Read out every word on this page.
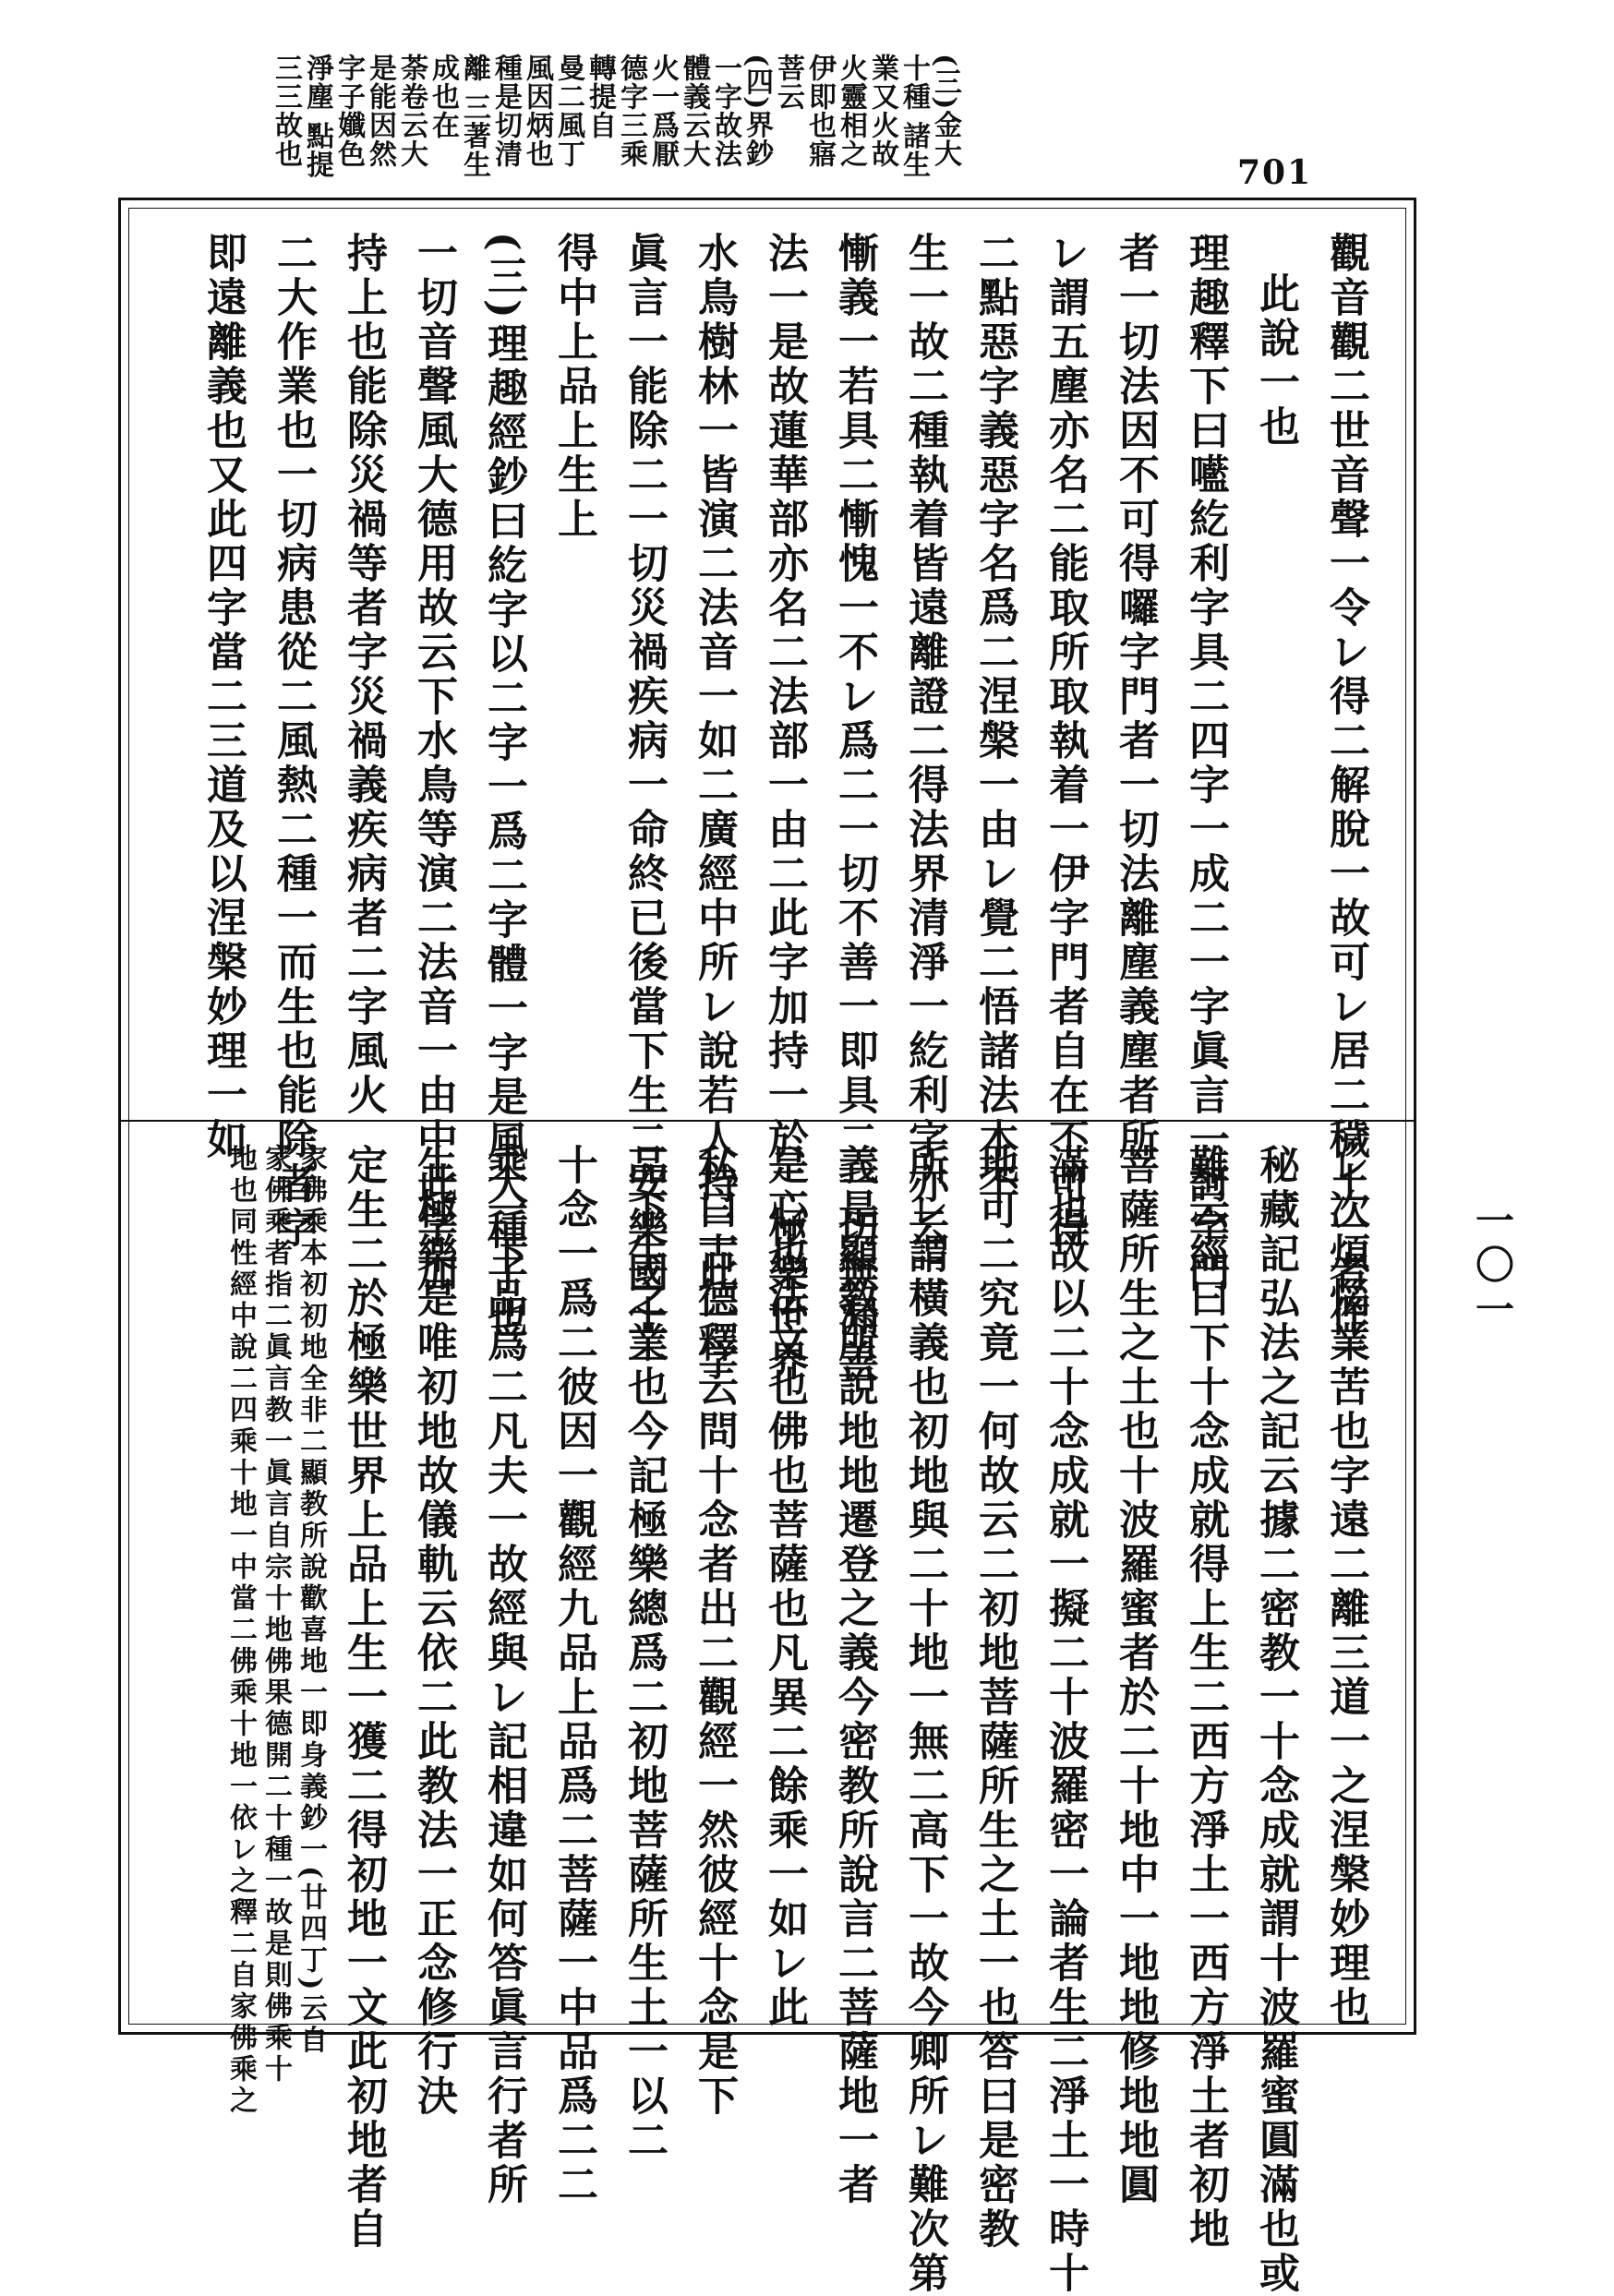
701
(三)金大十種 諸生業又火故火靈相之伊即也寤菩云
(四)界鈔一字故法體義云大火一爲厭德字三乘轉提自
曼二風丁風因炳也種是切清離 三著生成也在
荼卷云大是能因然字子孅色淨塵 點提三三故也
觀音觀二世音聲一令レ得二解脫一故可レ居二穢土一者作二
此說一也
理趣釋下曰㘕紇利字具二四字一成二一字眞言一訶字門
者一切法因不可得囉字門者一切法離塵義塵者所
レ謂五塵亦名二能取所取執着一伊字門者自在不可得
二點惡字義惡字名爲二涅槃一由レ覺二悟諸法本不
生一故二種執着皆遠離證二得法界清淨一紇利字亦云二
慚義一若具二慚愧一不レ爲二一切不善一即具二一切無漏善
法一是故蓮華部亦名二法部一由二此字加持一於二極樂世界
水鳥樹林一皆演二法音一如二廣經中所レ說若人持二此一字
眞言一能除二一切災禍疾病一命終已後當下生二安樂國土一
得中上品上生上
(三)理趣經鈔曰紇字以二字一爲二字體一字是風大種子也
一切音聲風大德用故云下水鳥等演二法音一由中此字加
持上也能除災禍等者字災禍義疾病者二字風火
二大作業也一切病患從二風熱二種一而生也能除者字
即遠離義也又此四字當二三道及以涅槃妙理一如
レ次煩惱業苦也字遠二離三道一之涅槃妙理也
秘藏記弘法之記云據二密教一十念成就謂十波羅蜜圓滿也或
難云經曰下十念成就得上生二西方淨土一西方淨土者初地
菩薩所生之土也十波羅蜜者於二十地中一地地修地地圓
滿也故以二十念成就一擬二十波羅密一論者生二淨土一時十
地可二究竟一何故云二初地菩薩所生之土一也答曰是密教
所レ謂橫義也初地與二十地一無二高下一故今卿所レ難次第
義是顯教所說地地遷登之義今密教所說言二菩薩地一者
是心也法文也佛也菩薩也凡異二餘乘一如レ此
私曰古德釋云問十念者出二觀經一然彼經十念是下
品下生之業也今記極樂總爲二初地菩薩所生土一以二
十念一爲二彼因一觀經九品上品爲二菩薩一中品爲二二
乘一下品爲二凡夫一故經與レ記相違如何答眞言行者所
生極樂是唯初地故儀軌云依二此教法一正念修行決
定生二於極樂世界上品上生一獲二得初地一文此初地者自
家佛乘本初初地全非二顯教所說歡喜地一即身義鈔一(廿四丁)云自
家佛乘者指二眞言教一眞言自宗十地佛果德開二十種一故是則佛乘十
地也同性經中說二四乘十地一中當二佛乘十地一依レ之釋二自家佛乘之	一〇一
